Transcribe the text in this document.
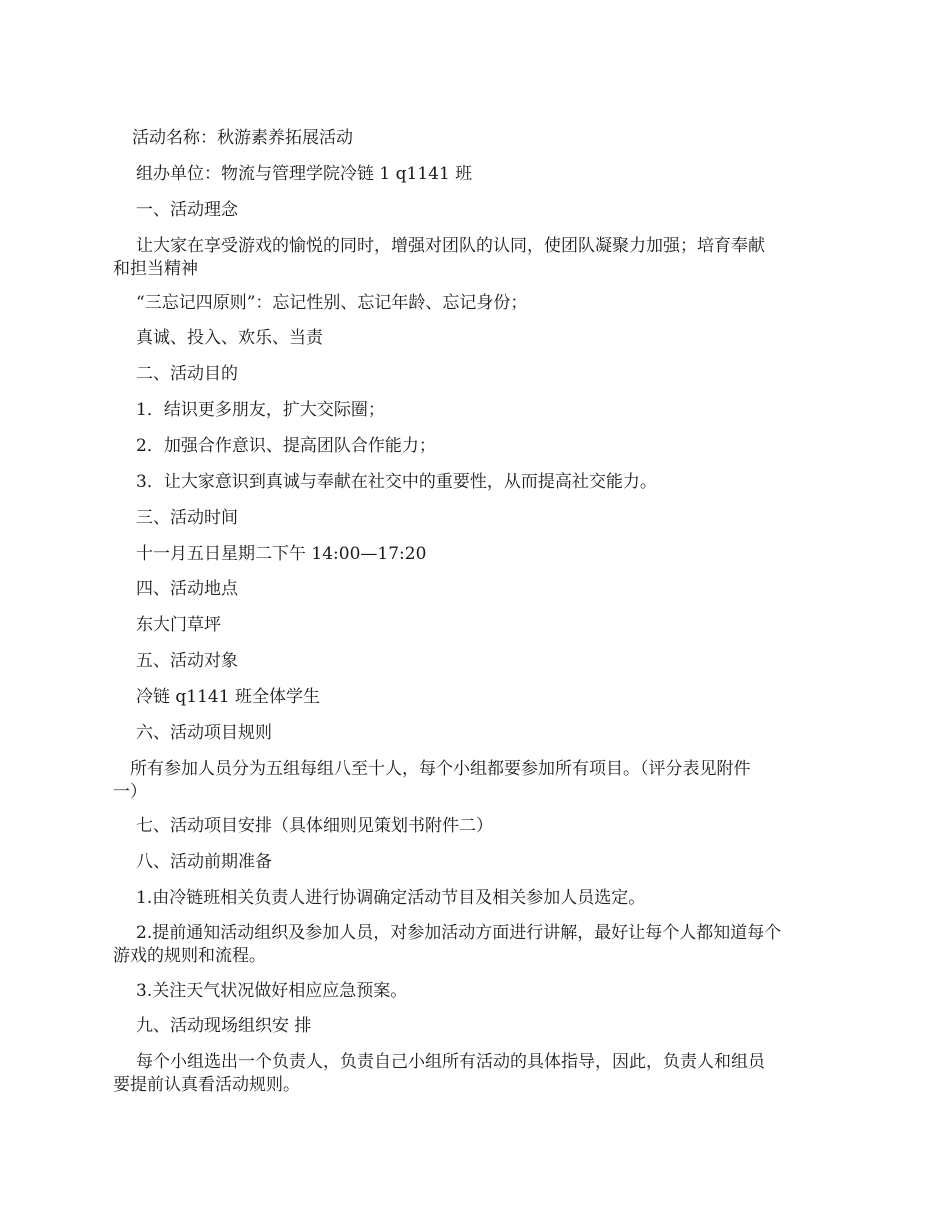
活动名称：秋游素养拓展活动
组办单位：物流与管理学院冷链 1 q1141 班
一、活动理念
让大家在享受游戏的愉悦的同时，增强对团队的认同，使团队凝聚力加强；培育奉献
和担当精神
“三忘记四原则”：忘记性别、忘记年龄、忘记身份；
真诚、投入、欢乐、当责
二、活动目的
1．结识更多朋友，扩大交际圈；
2．加强合作意识、提高团队合作能力；
3．让大家意识到真诚与奉献在社交中的重要性，从而提高社交能力。
三、活动时间
十一月五日星期二下午 14:00—17:20
四、活动地点
东大门草坪
五、活动对象
冷链 q1141 班全体学生
六、活动项目规则
所有参加人员分为五组每组八至十人，每个小组都要参加所有项目。（评分表见附件
一）
七、活动项目安排（具体细则见策划书附件二）
八、活动前期准备
1.由冷链班相关负责人进行协调确定活动节目及相关参加人员选定。
2.提前通知活动组织及参加人员，对参加活动方面进行讲解，最好让每个人都知道每个
游戏的规则和流程。
3.关注天气状况做好相应应急预案。
九、活动现场组织安 排
每个小组选出一个负责人，负责自己小组所有活动的具体指导，因此，负责人和组员
要提前认真看活动规则。
